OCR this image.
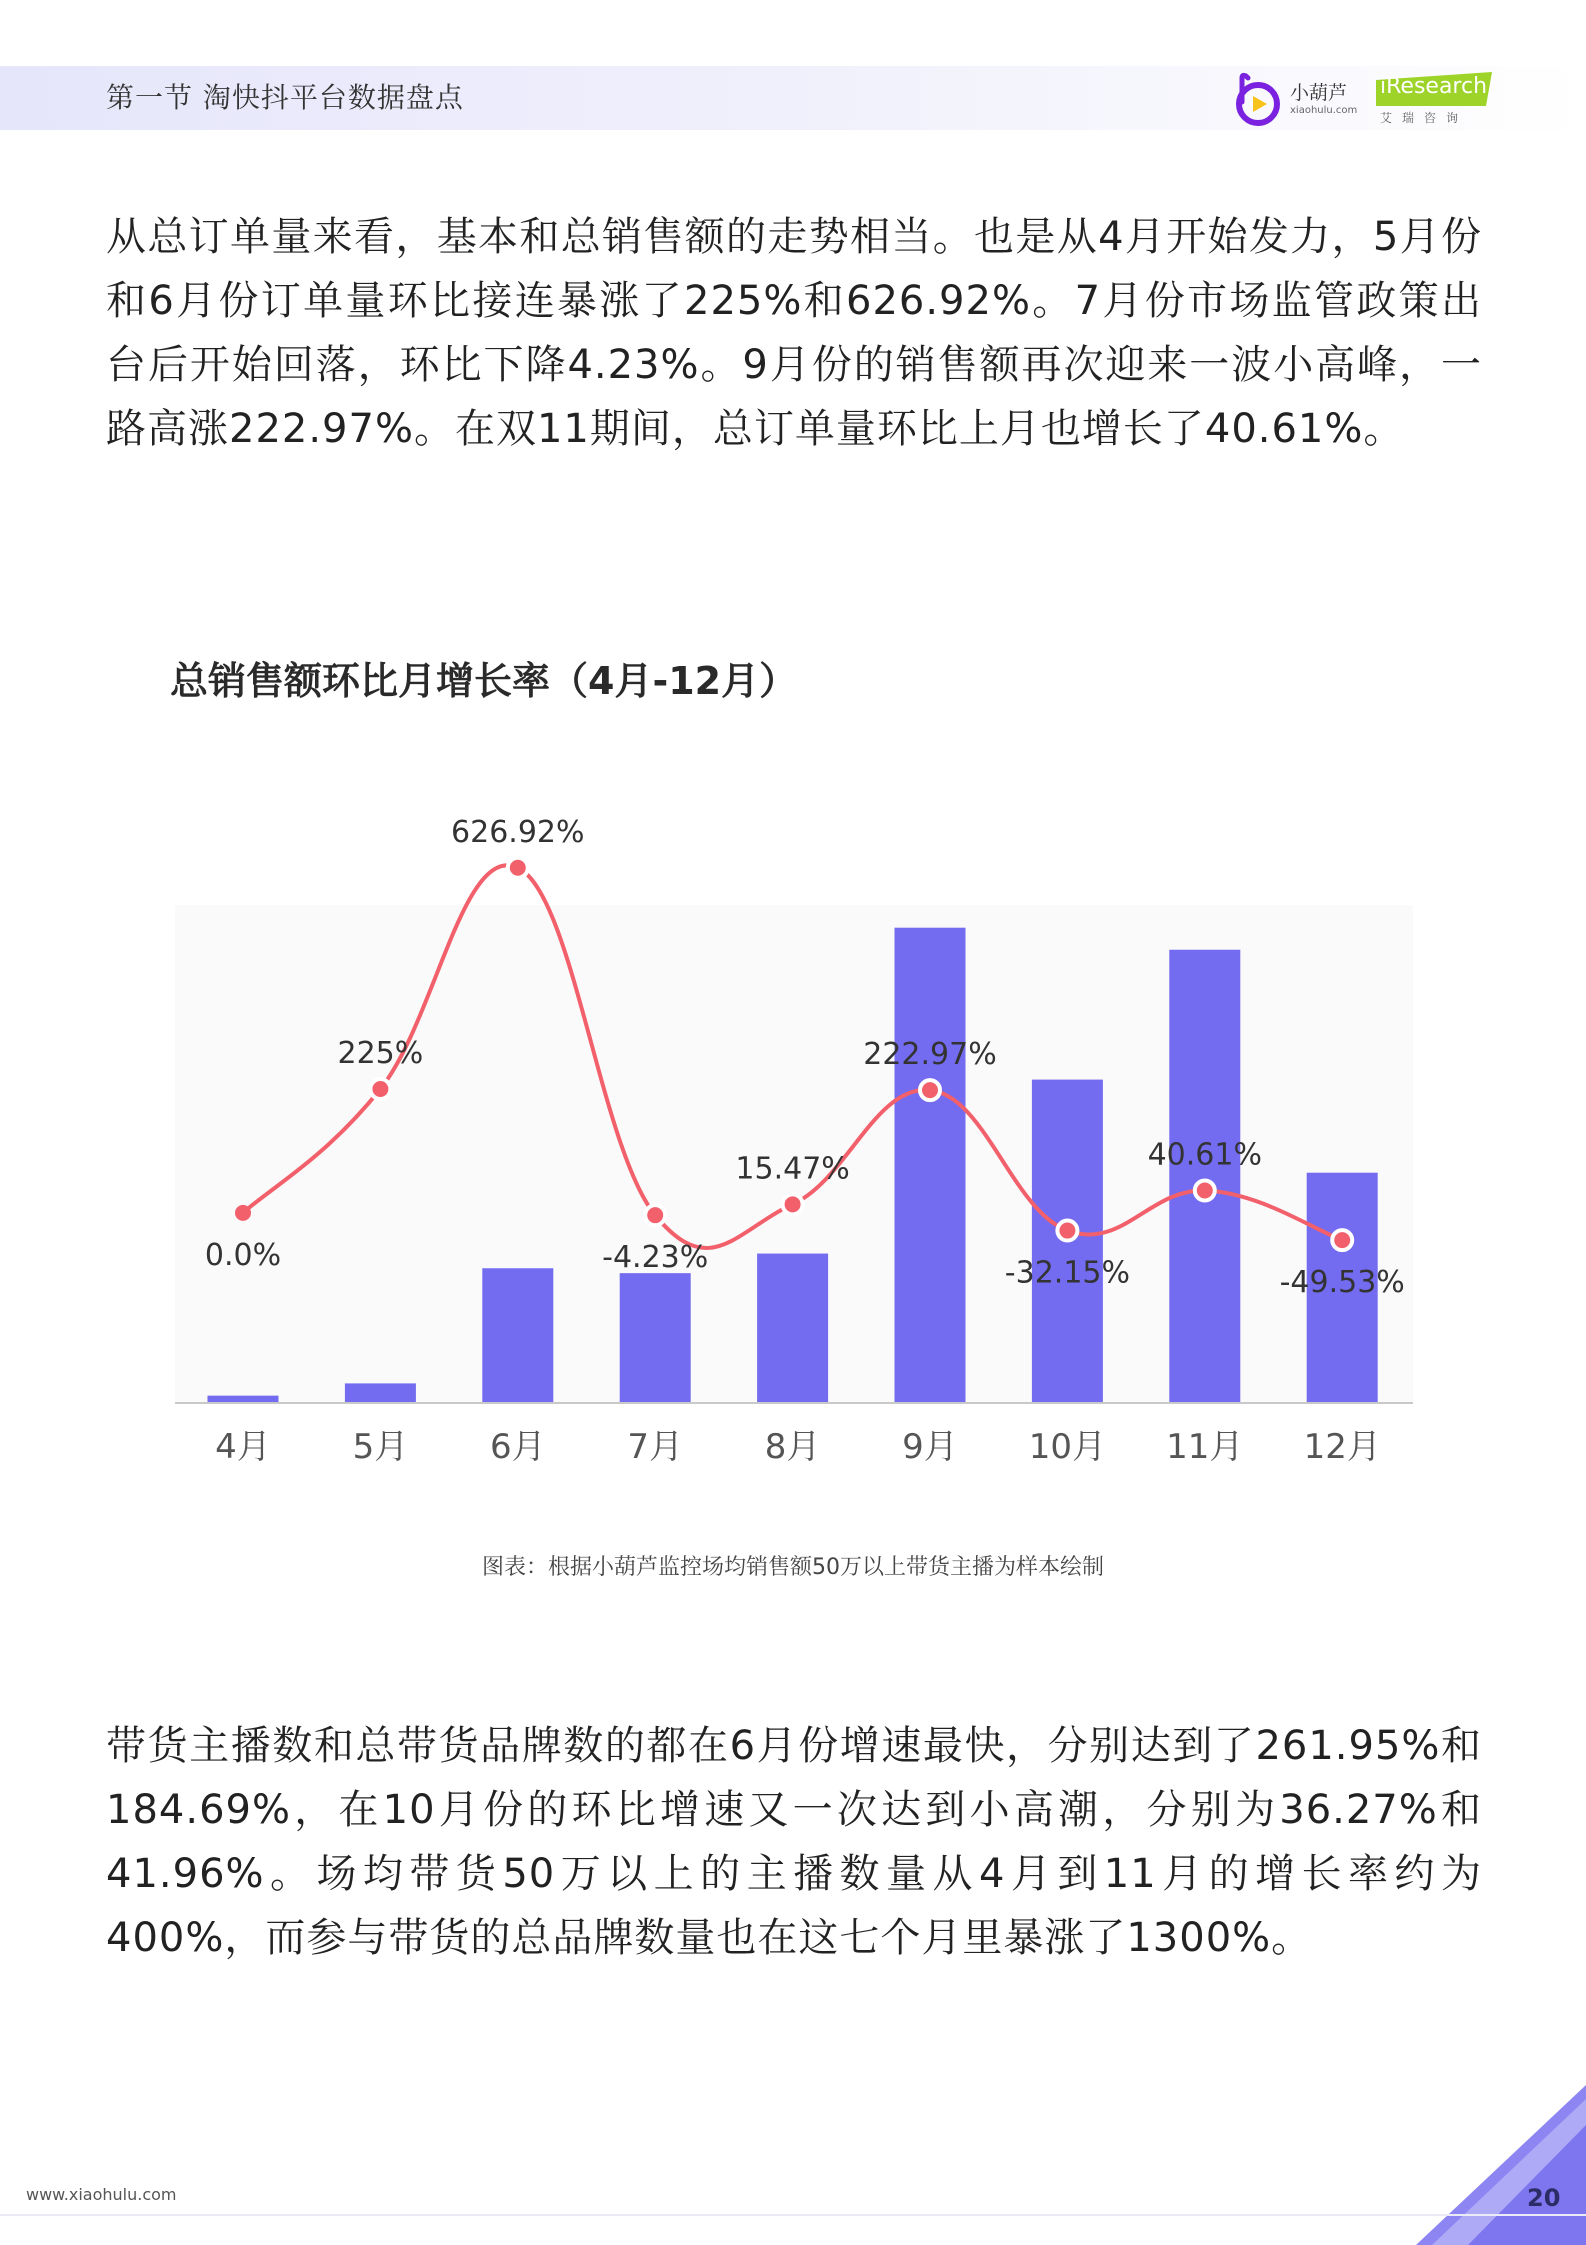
第一节 淘快抖平台数据盘点	小葫芦
xiaohulu.com
iResearch
艾瑞咨询

从总订单量来看，基本和总销售额的走势相当。也是从4月开始发力，5月份和6月份订单量环比接连暴涨了225%和626.92%。7月份市场监管政策出台后开始回落，环比下降4.23%。9月份的销售额再次迎来一波小高峰，一路高涨222.97%。在双11期间，总订单量环比上月也增长了40.61%。

总销售额环比月增长率（4月-12月）
0.0%
225%
626.92%
-4.23%
15.47%
222.97%
-32.15%
40.61%
-49.53%
4月 5月 6月 7月 8月 9月 10月 11月 12月
图表：根据小葫芦监控场均销售额50万以上带货主播为样本绘制

带货主播数和总带货品牌数的都在6月份增速最快，分别达到了261.95%和184.69%，在10月份的环比增速又一次达到小高潮，分别为36.27%和41.96%。场均带货50万以上的主播数量从4月到11月的增长率约为400%，而参与带货的总品牌数量也在这七个月里暴涨了1300%。

20
www.xiaohulu.com
